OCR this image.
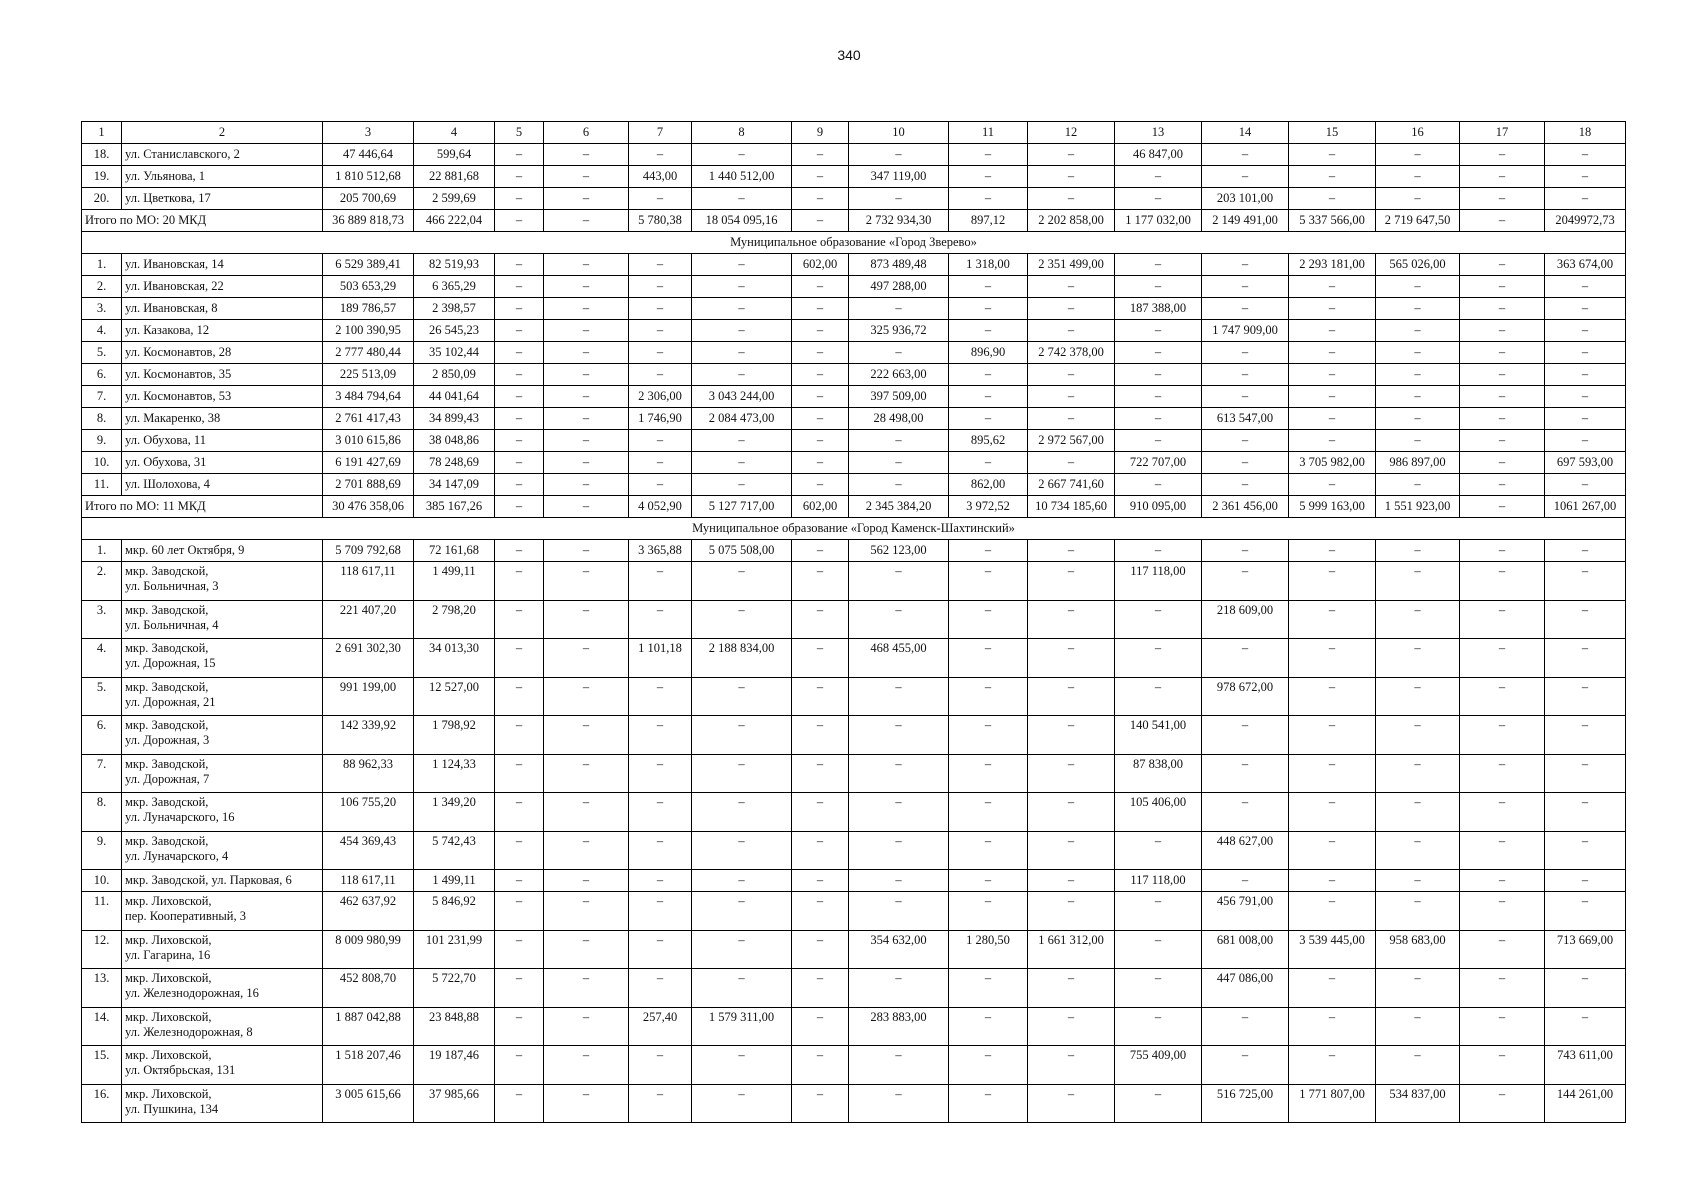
340
1	2	3	4	5	6	7	8	9	10	11	12	13	14	15	16	17	18
18.	ул. Станиславского, 2	47 446,64	599,64	–	–	–	–	–	–	–	–	46 847,00	–	–	–	–	–
19.	ул. Ульянова, 1	1 810 512,68	22 881,68	–	–	443,00	1 440 512,00	–	347 119,00	–	–	–	–	–	–	–	–
20.	ул. Цветкова, 17	205 700,69	2 599,69	–	–	–	–	–	–	–	–	–	203 101,00	–	–	–	–
Итого по МО: 20 МКД		36 889 818,73	466 222,04	–	–	5 780,38	18 054 095,16	–	2 732 934,30	897,12	2 202 858,00	1 177 032,00	2 149 491,00	5 337 566,00	2 719 647,50	–	2049972,73
Муниципальное образование «Город Зверево»																	
1.	ул. Ивановская, 14	6 529 389,41	82 519,93	–	–	–	–	602,00	873 489,48	1 318,00	2 351 499,00	–	–	2 293 181,00	565 026,00	–	363 674,00
2.	ул. Ивановская, 22	503 653,29	6 365,29	–	–	–	–	–	497 288,00	–	–	–	–	–	–	–	–
3.	ул. Ивановская, 8	189 786,57	2 398,57	–	–	–	–	–	–	–	–	187 388,00	–	–	–	–	–
4.	ул. Казакова, 12	2 100 390,95	26 545,23	–	–	–	–	–	325 936,72	–	–	–	1 747 909,00	–	–	–	–
5.	ул. Космонавтов, 28	2 777 480,44	35 102,44	–	–	–	–	–	–	896,90	2 742 378,00	–	–	–	–	–	–
6.	ул. Космонавтов, 35	225 513,09	2 850,09	–	–	–	–	–	222 663,00	–	–	–	–	–	–	–	–
7.	ул. Космонавтов, 53	3 484 794,64	44 041,64	–	–	2 306,00	3 043 244,00	–	397 509,00	–	–	–	–	–	–	–	–
8.	ул. Макаренко, 38	2 761 417,43	34 899,43	–	–	1 746,90	2 084 473,00	–	28 498,00	–	–	–	613 547,00	–	–	–	–
9.	ул. Обухова, 11	3 010 615,86	38 048,86	–	–	–	–	–	–	895,62	2 972 567,00	–	–	–	–	–	–
10.	ул. Обухова, 31	6 191 427,69	78 248,69	–	–	–	–	–	–	–	–	722 707,00	–	3 705 982,00	986 897,00	–	697 593,00
11.	ул. Шолохова, 4	2 701 888,69	34 147,09	–	–	–	–	–	–	862,00	2 667 741,60	–	–	–	–	–	–
Итого по МО: 11 МКД		30 476 358,06	385 167,26	–	–	4 052,90	5 127 717,00	602,00	2 345 384,20	3 972,52	10 734 185,60	910 095,00	2 361 456,00	5 999 163,00	1 551 923,00	–	1061 267,00
Муниципальное образование «Город Каменск-Шахтинский»																	
1.	мкр. 60 лет Октября, 9	5 709 792,68	72 161,68	–	–	3 365,88	5 075 508,00	–	562 123,00	–	–	–	–	–	–	–	–
2.	мкр. Заводской,
ул. Больничная, 3	118 617,11	1 499,11	–	–	–	–	–	–	–	–	117 118,00	–	–	–	–	–
3.	мкр. Заводской,
ул. Больничная, 4	221 407,20	2 798,20	–	–	–	–	–	–	–	–	–	218 609,00	–	–	–	–
4.	мкр. Заводской,
ул. Дорожная, 15	2 691 302,30	34 013,30	–	–	1 101,18	2 188 834,00	–	468 455,00	–	–	–	–	–	–	–	–
5.	мкр. Заводской,
ул. Дорожная, 21	991 199,00	12 527,00	–	–	–	–	–	–	–	–	–	978 672,00	–	–	–	–
6.	мкр. Заводской,
ул. Дорожная, 3	142 339,92	1 798,92	–	–	–	–	–	–	–	–	140 541,00	–	–	–	–	–
7.	мкр. Заводской,
ул. Дорожная, 7	88 962,33	1 124,33	–	–	–	–	–	–	–	–	87 838,00	–	–	–	–	–
8.	мкр. Заводской,
ул. Луначарского, 16	106 755,20	1 349,20	–	–	–	–	–	–	–	–	105 406,00	–	–	–	–	–
9.	мкр. Заводской,
ул. Луначарского, 4	454 369,43	5 742,43	–	–	–	–	–	–	–	–	–	448 627,00	–	–	–	–
10.	мкр. Заводской, ул. Парковая, 6	118 617,11	1 499,11	–	–	–	–	–	–	–	–	117 118,00	–	–	–	–	–
11.	мкр. Лиховской,
пер. Кооперативный, 3	462 637,92	5 846,92	–	–	–	–	–	–	–	–	–	456 791,00	–	–	–	–
12.	мкр. Лиховской,
ул. Гагарина, 16	8 009 980,99	101 231,99	–	–	–	–	–	354 632,00	1 280,50	1 661 312,00	–	681 008,00	3 539 445,00	958 683,00	–	713 669,00
13.	мкр. Лиховской,
ул. Железнодорожная, 16	452 808,70	5 722,70	–	–	–	–	–	–	–	–	–	447 086,00	–	–	–	–
14.	мкр. Лиховской,
ул. Железнодорожная, 8	1 887 042,88	23 848,88	–	–	257,40	1 579 311,00	–	283 883,00	–	–	–	–	–	–	–	–
15.	мкр. Лиховской,
ул. Октябрьская, 131	1 518 207,46	19 187,46	–	–	–	–	–	–	–	–	755 409,00	–	–	–	–	743 611,00
16.	мкр. Лиховской,
ул. Пушкина, 134	3 005 615,66	37 985,66	–	–	–	–	–	–	–	–	–	516 725,00	1 771 807,00	534 837,00	–	144 261,00
